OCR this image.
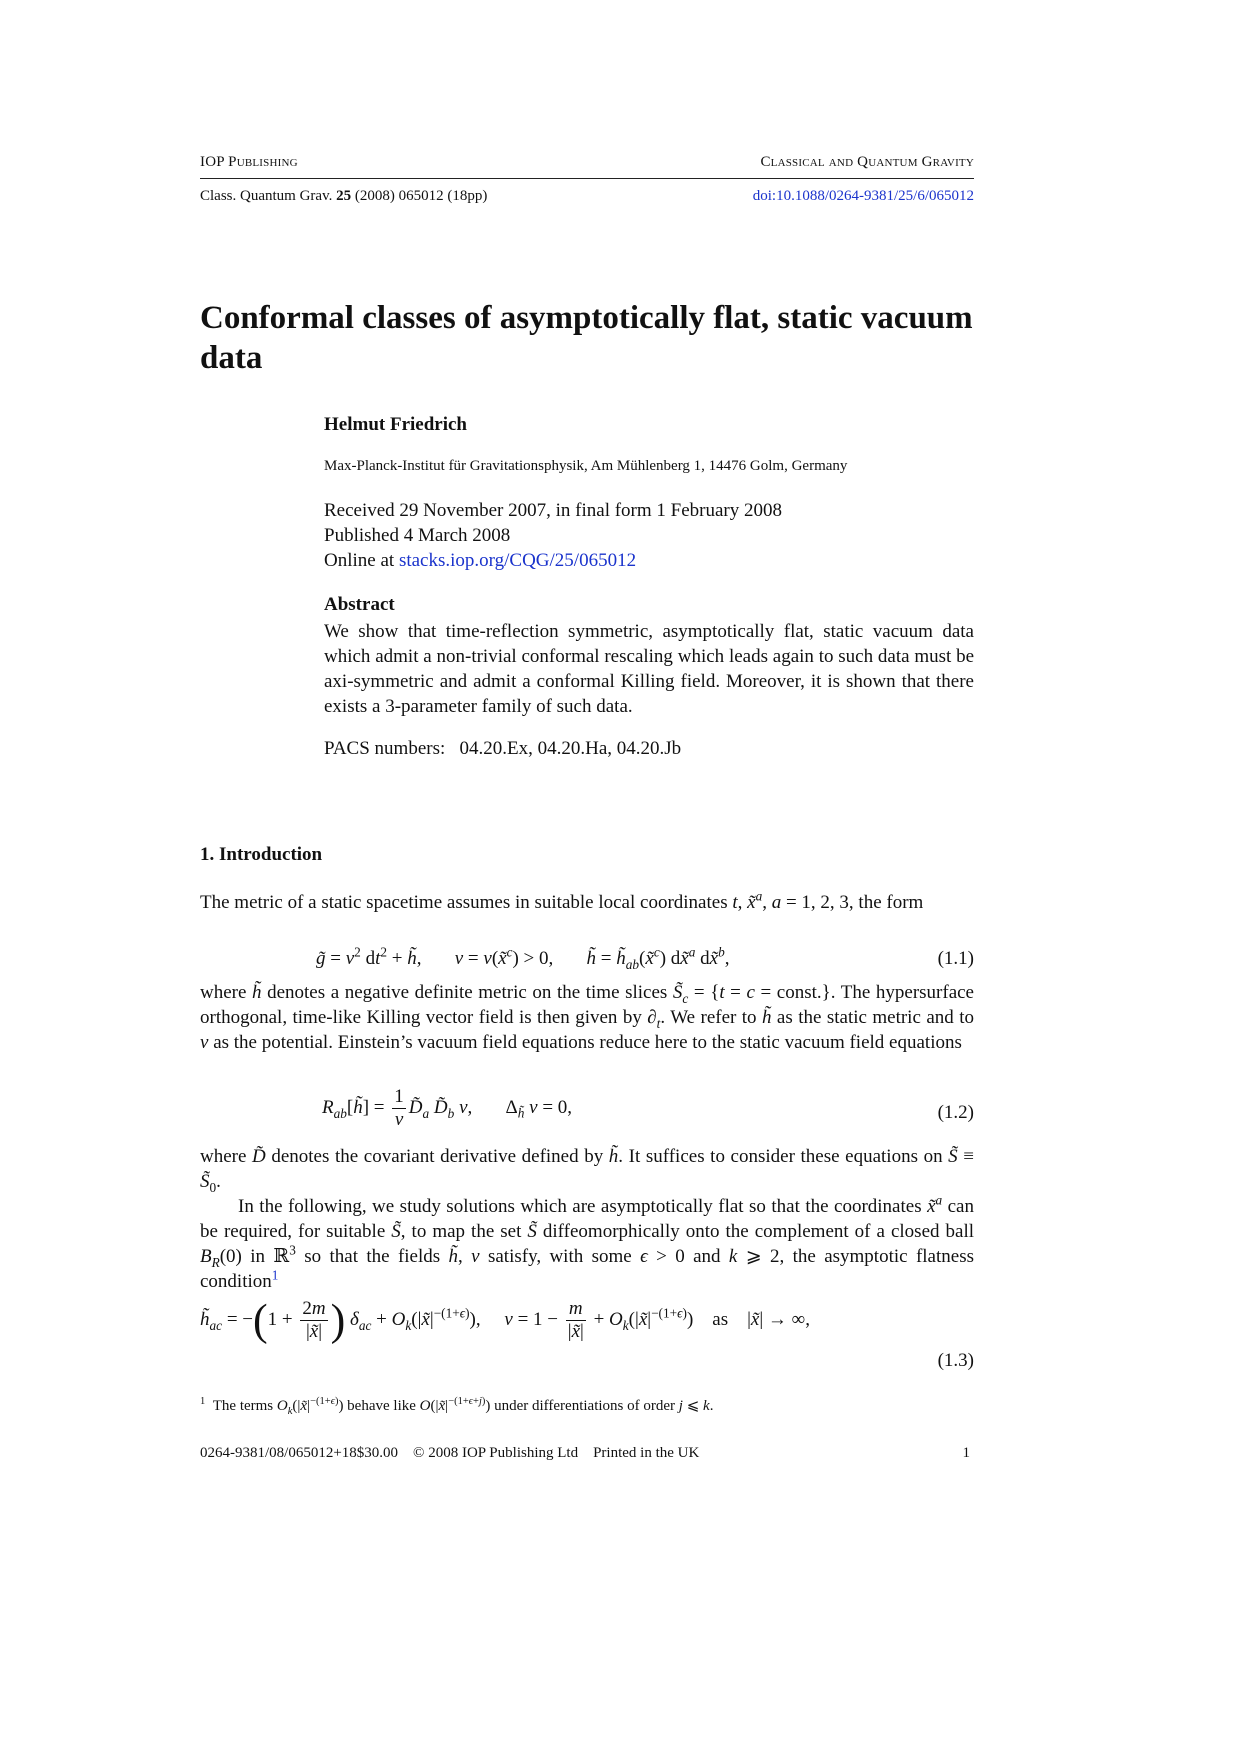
IOP Publishing	Classical and Quantum Gravity
Class. Quantum Grav. 25 (2008) 065012 (18pp)	doi:10.1088/0264-9381/25/6/065012
Conformal classes of asymptotically flat, static vacuum data
Helmut Friedrich
Max-Planck-Institut für Gravitationsphysik, Am Mühlenberg 1, 14476 Golm, Germany
Received 29 November 2007, in final form 1 February 2008
Published 4 March 2008
Online at stacks.iop.org/CQG/25/065012
Abstract
We show that time-reflection symmetric, asymptotically flat, static vacuum data which admit a non-trivial conformal rescaling which leads again to such data must be axi-symmetric and admit a conformal Killing field. Moreover, it is shown that there exists a 3-parameter family of such data.
PACS numbers: 04.20.Ex, 04.20.Ha, 04.20.Jb
1. Introduction
The metric of a static spacetime assumes in suitable local coordinates t, x̃$^a$, a = 1, 2, 3, the form
g̃ = $v^2$ $dt^2$ + h̃,       v = v(x̃$^c$) > 0,       h̃ = $h̃_{ab}(x̃^c)$ dx̃$^a$ dx̃$^b$,	(1.1)
where h̃ denotes a negative definite metric on the time slices $S̃_c = \{t = c$ = const.}. The hypersurface orthogonal, time-like Killing vector field is then given by $\partial_t$. We refer to h̃ as the static metric and to v as the potential. Einstein’s vacuum field equations reduce here to the static vacuum field equations
$R_{ab}[h̃] = \frac{1}{v}$ $D̃_a$ $D̃_b$ v,       $\Delta_{h̃}$ v = 0,	(1.2)
where D̃ denotes the covariant derivative defined by h̃. It suffices to consider these equations on S̃ ≡ $S̃_0$.
In the following, we study solutions which are asymptotically flat so that the coordinates x̃$^a$ can be required, for suitable S̃, to map the set S̃ diffeomorphically onto the complement of a closed ball $B_R(0)$ in ℝ$^3$ so that the fields h̃, v satisfy, with some ϵ > 0 and k ⩾ 2, the asymptotic flatness condition$^1$
$h̃_{ac} = -(1 + \frac{2m}{|x̃|}$ ) $\delta_{ac}$ + $O_k(|x̃|^{-(1+\epsilon)})$,     $v = 1 - \frac{m}{|x̃|}$ + $O_k(|x̃|^{-(1+\epsilon)})$    as    |x̃| → ∞,
(1.3)
$^1$ The terms $O_k(|x̃|^{-(1+\epsilon)})$ behave like $O(|x̃|^{-(1+\epsilon+j)})$ under differentiations of order j ⩽ k.
0264-9381/08/065012+18$30.00 © 2008 IOP Publishing Ltd Printed in the UK	1
